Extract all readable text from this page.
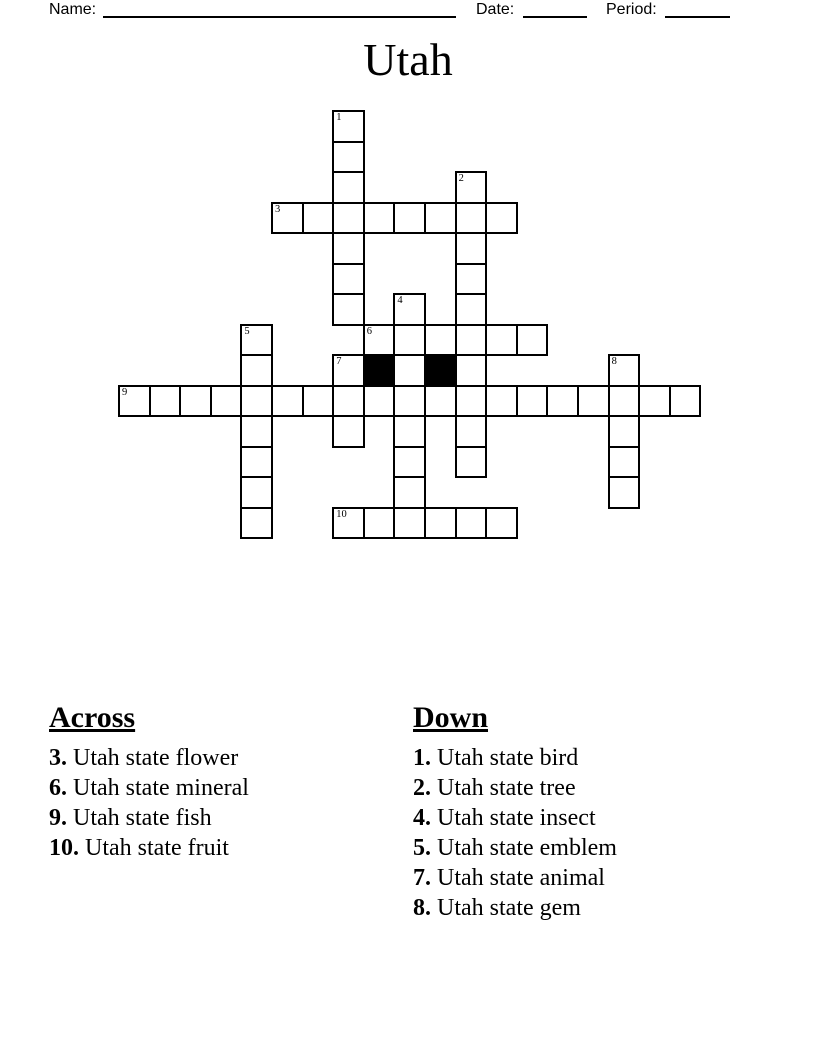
Name:	Date:	Period:
Utah
1
2
3
4
5	6
7	8
9
10
Across
3. Utah state flower
6. Utah state mineral
9. Utah state fish
10. Utah state fruit
Down
1. Utah state bird
2. Utah state tree
4. Utah state insect
5. Utah state emblem
7. Utah state animal
8. Utah state gem
